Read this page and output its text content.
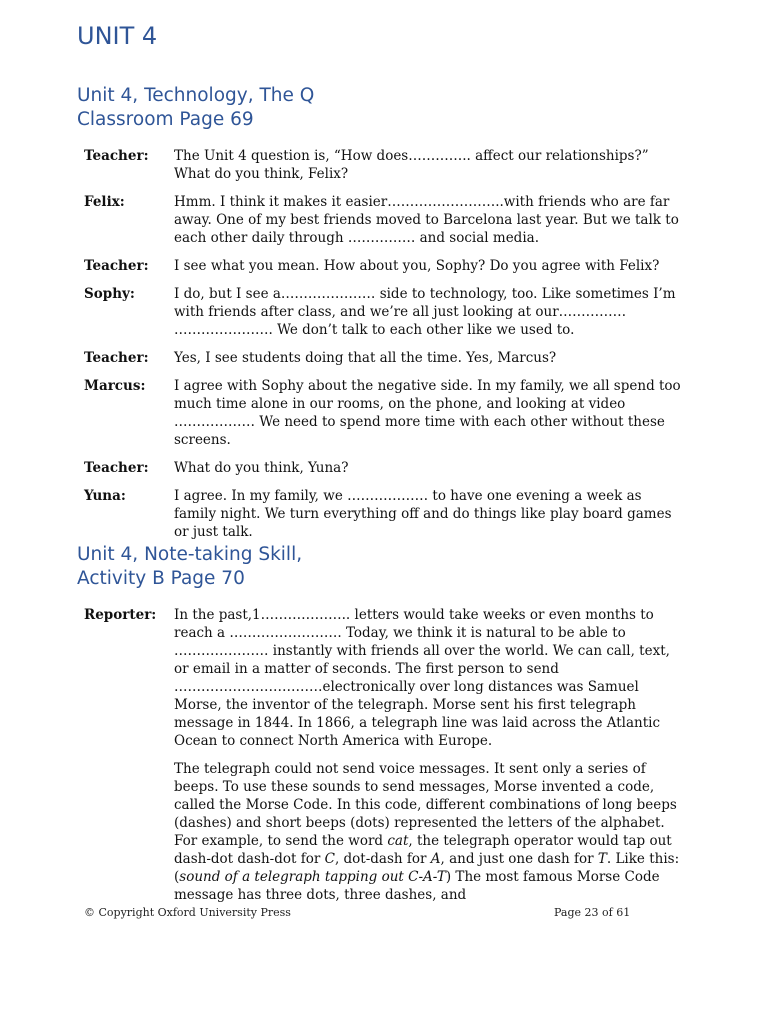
UNIT 4
Unit 4, Technology, The Q
Classroom Page 69
Teacher:	The Unit 4 question is, “How does………….. affect our relationships?” What do you think, Felix?
Felix:	Hmm. I think it makes it easier……………………..with friends who are far away. One of my best friends moved to Barcelona last year. But we talk to each other daily through …………… and social media.
Teacher:	I see what you mean. How about you, Sophy? Do you agree with Felix?
Sophy:	I do, but I see a………………… side to technology, too. Like sometimes I’m with friends after class, and we’re all just looking at our…………… …………………. We don’t talk to each other like we used to.
Teacher:	Yes, I see students doing that all the time. Yes, Marcus?
Marcus:	I agree with Sophy about the negative side. In my family, we all spend too much time alone in our rooms, on the phone, and looking at video ……………… We need to spend more time with each other without these screens.
Teacher:	What do you think, Yuna?
Yuna:	I agree. In my family, we ……………… to have one evening a week as family night. We turn everything off and do things like play board games or just talk.
Unit 4, Note-taking Skill,
Activity B Page 70
Reporter:	In the past,1……………….. letters would take weeks or even months to reach a ……………………. Today, we think it is natural to be able to ………………… instantly with friends all over the world. We can call, text, or email in a matter of seconds. The first person to send ……………………………electronically over long distances was Samuel Morse, the inventor of the telegraph. Morse sent his first telegraph message in 1844. In 1866, a telegraph line was laid across the Atlantic Ocean to connect North America with Europe.

The telegraph could not send voice messages. It sent only a series of beeps. To use these sounds to send messages, Morse invented a code, called the Morse Code. In this code, different combinations of long beeps (dashes) and short beeps (dots) represented the letters of the alphabet. For example, to send the word cat, the telegraph operator would tap out dash-dot dash-dot for C, dot-dash for A, and just one dash for T. Like this: (sound of a telegraph tapping out C-A-T) The most famous Morse Code message has three dots, three dashes, and

© Copyright Oxford University Press	Page 23 of 61
